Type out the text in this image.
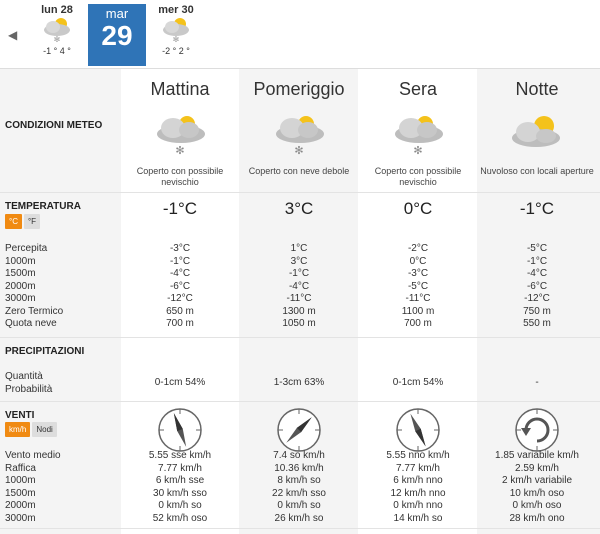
◀
lun 28
✻
-1 ° 4 °
mar
29
mer 30
✻
-2 ° 2 °
CONDIZIONI METEO
TEMPERATURA
PRECIPITAZIONI
VENTI
°C	°F
km/h	Nodi
Percepita
1000m
1500m
2000m
3000m
Zero Termico
Quota neve
Quantità
Probabilità
Vento medio
Raffica
1000m
1500m
2000m
3000m
Mattina
✻
Coperto con possibile nevischio
-1°C
-3°C
-1°C
-4°C
-6°C
-12°C
650 m
700 m
0-1cm 54%
5.55 sse km/h
7.77 km/h
6 km/h sse
30 km/h sso
0 km/h so
52 km/h oso
Pomeriggio
✻
Coperto con neve debole
3°C
1°C
3°C
-1°C
-4°C
-11°C
1300 m
1050 m
1-3cm 63%
7.4 so km/h
10.36 km/h
8 km/h so
22 km/h sso
0 km/h so
26 km/h so
Sera
✻
Coperto con possibile nevischio
0°C
-2°C
0°C
-3°C
-5°C
-11°C
1100 m
700 m
0-1cm 54%
5.55 nno km/h
7.77 km/h
6 km/h nno
12 km/h nno
0 km/h nno
14 km/h so
Notte
Nuvoloso con locali aperture
-1°C
-5°C
-1°C
-4°C
-6°C
-12°C
750 m
550 m
-
1.85 variabile km/h
2.59 km/h
2 km/h variabile
10 km/h oso
0 km/h oso
28 km/h ono
